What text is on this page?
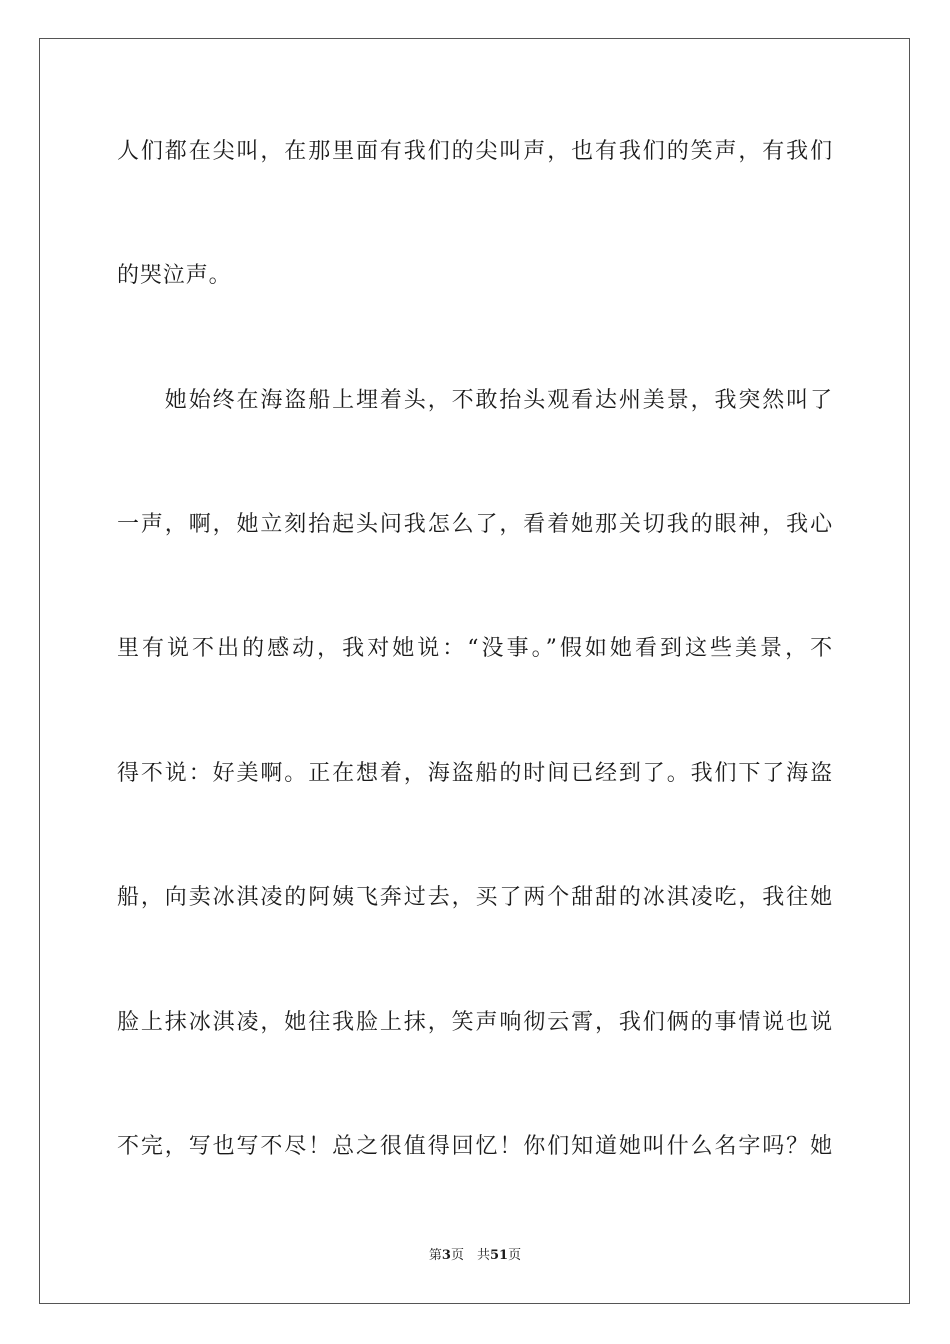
人们都在尖叫，在那里面有我们的尖叫声，也有我们的笑声，有我们
的哭泣声。
　　她始终在海盗船上埋着头，不敢抬头观看达州美景，我突然叫了
一声，啊，她立刻抬起头问我怎么了，看着她那关切我的眼神，我心
里有说不出的感动，我对她说：“没事。”假如她看到这些美景，不
得不说：好美啊。正在想着，海盗船的时间已经到了。我们下了海盗
船，向卖冰淇凌的阿姨飞奔过去，买了两个甜甜的冰淇凌吃，我往她
脸上抹冰淇凌，她往我脸上抹，笑声响彻云霄，我们俩的事情说也说
不完，写也写不尽！总之很值得回忆！你们知道她叫什么名字吗？她
第3页　共51页
